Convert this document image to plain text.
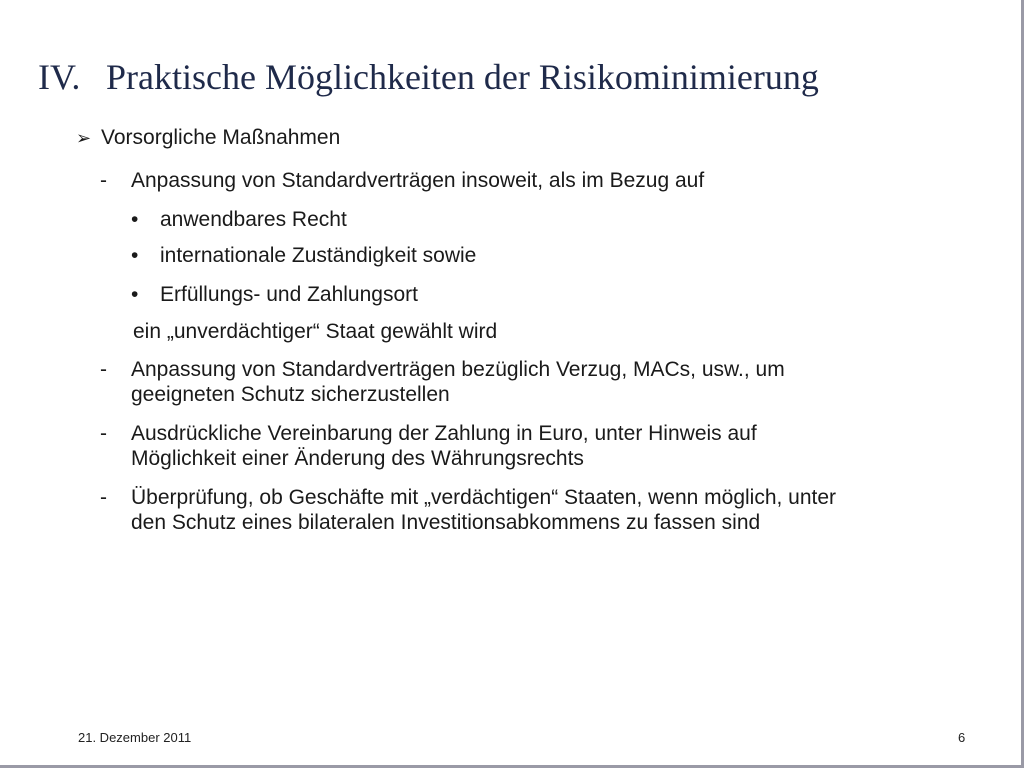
IV. Praktische Möglichkeiten der Risikominimierung
➢ Vorsorgliche Maßnahmen
- Anpassung von Standardverträgen insoweit, als im Bezug auf
• anwendbares Recht
• internationale Zuständigkeit sowie
• Erfüllungs- und Zahlungsort
ein „unverdächtiger“ Staat gewählt wird
- Anpassung von Standardverträgen bezüglich Verzug, MACs, usw., um
geeigneten Schutz sicherzustellen
- Ausdrückliche Vereinbarung der Zahlung in Euro, unter Hinweis auf
Möglichkeit einer Änderung des Währungsrechts
- Überprüfung, ob Geschäfte mit „verdächtigen“ Staaten, wenn möglich, unter
den Schutz eines bilateralen Investitionsabkommens zu fassen sind
21. Dezember 2011	6
